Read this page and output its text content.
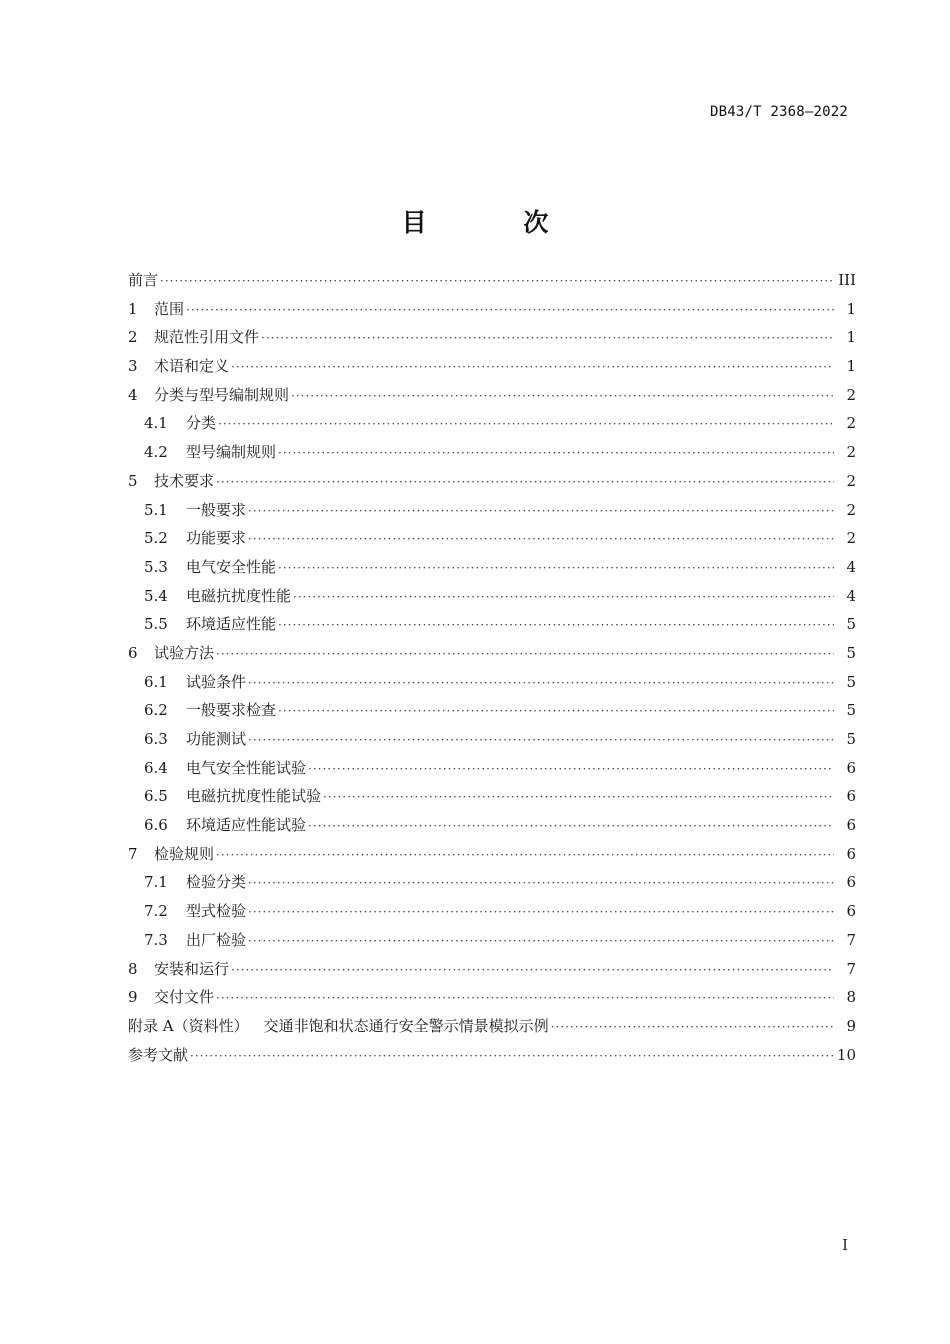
DB43/T 2368—2022
目 次
前言 ·····	III
1	范围 ·····	1
2	规范性引用文件 ·····	1
3	术语和定义 ·····	1
4	分类与型号编制规则 ·····	2
4.1	分类 ·····	2
4.2	型号编制规则 ·····	2
5	技术要求 ·····	2
5.1	一般要求 ·····	2
5.2	功能要求 ·····	2
5.3	电气安全性能 ·····	4
5.4	电磁抗扰度性能 ·····	4
5.5	环境适应性能 ·····	5
6	试验方法 ·····	5
6.1	试验条件 ·····	5
6.2	一般要求检查 ·····	5
6.3	功能测试 ·····	5
6.4	电气安全性能试验 ·····	6
6.5	电磁抗扰度性能试验 ·····	6
6.6	环境适应性能试验 ·····	6
7	检验规则 ·····	6
7.1	检验分类 ·····	6
7.2	型式检验 ·····	6
7.3	出厂检验 ·····	7
8	安装和运行 ·····	7
9	交付文件 ·····	8
附录 A（资料性） 　交通非饱和状态通行安全警示情景模拟示例 ·····	9
参考文献 ·····	10
I
